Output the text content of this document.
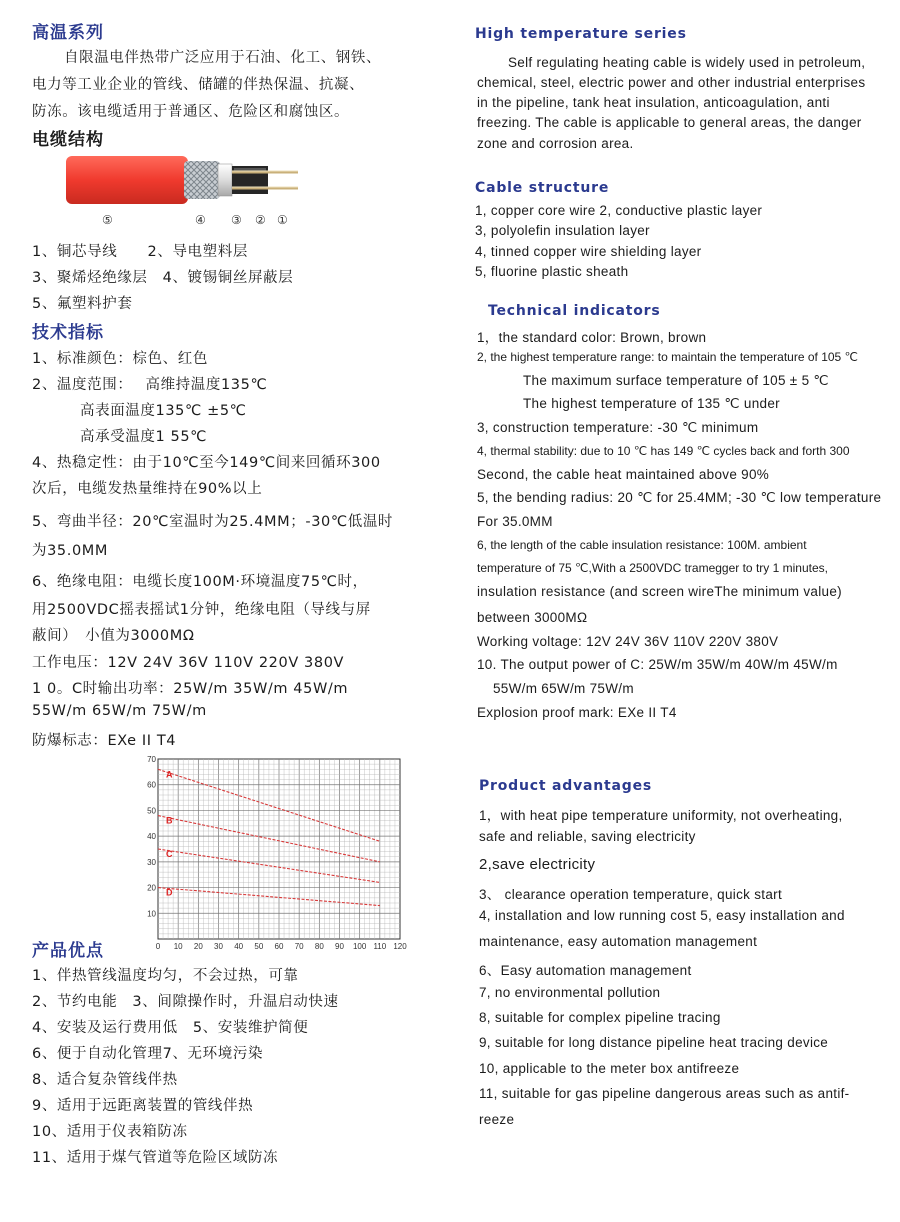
高温系列
自限温电伴热带广泛应用于石油、化工、钢铁、
电力等工业企业的管线、储罐的伴热保温、抗凝、
防冻。该电缆适用于普通区、危险区和腐蚀区。
电缆结构
⑤	④ ③ ② ①
1、铜芯导线　　2、导电塑料层
3、聚烯烃绝缘层　4、镀锡铜丝屏蔽层
5、氟塑料护套
技术指标
1、标准颜色：棕色、红色
2、温度范围：　 高维持温度135℃
高表面温度135℃ ±5℃
高承受温度1 55℃
4、热稳定性：由于10℃至今149℃间来回循环300
次后，电缆发热量维持在90%以上
5、弯曲半径：20℃室温时为25.4MM；-30℃低温时
为35.0MM
6、绝缘电阻：电缆长度100M·环境温度75℃时，
用2500VDC摇表摇试1分钟，绝缘电阻（导线与屏
蔽间）　小值为3000MΩ
工作电压：12V 24V 36V 110V 220V 380V
1 0。C时输出功率：25W/m 35W/m 45W/m
55W/m 65W/m 75W/m
防爆标志：EXe II T4
0 10 20 30 40 50 60 70 80 90 100 110 120
10
20
30
40
50
60
70
A
B
C
D
产品优点
1、伴热管线温度均匀，不会过热，可靠
2、节约电能　3、间隙操作时，升温启动快速
4、安装及运行费用低　5、安装维护简便
6、便于自动化管理7、无环境污染
8、适合复杂管线伴热
9、适用于远距离装置的管线伴热
10、适用于仪表箱防冻
11、适用于煤气管道等危险区域防冻
High temperature series
Self regulating heating cable is widely used in petroleum,
chemical, steel, electric power and other industrial enterprises
in the pipeline, tank heat insulation, anticoagulation, anti
freezing. The cable is applicable to general areas, the danger
zone and corrosion area.
Cable structure
1, copper core wire 2, conductive plastic layer
3, polyolefin insulation layer
4, tinned copper wire shielding layer
5, fluorine plastic sheath
Technical indicators
1，the standard color: Brown, brown
2, the highest temperature range: to maintain the temperature of 105 ℃
The maximum surface temperature of 105 ± 5 ℃
The highest temperature of 135 ℃ under
3, construction temperature: -30 ℃ minimum
4, thermal stability: due to 10 ℃ has 149 ℃ cycles back and forth 300
Second, the cable heat maintained above 90%
5, the bending radius: 20 ℃ for 25.4MM; -30 ℃ low temperature
For 35.0MM
6, the length of the cable insulation resistance: 100M. ambient
temperature of 75 ℃,With a 2500VDC tramegger to try 1 minutes,
insulation resistance (and screen wireThe minimum value)
between 3000MΩ
Working voltage: 12V 24V 36V 110V 220V 380V
10. The output power of C: 25W/m 35W/m 40W/m 45W/m
55W/m 65W/m 75W/m
Explosion proof mark: EXe II T4
Product advantages
1，with heat pipe temperature uniformity, not overheating,
safe and reliable, saving electricity
2,save electricity
3、 clearance operation temperature, quick start
4, installation and low running cost 5, easy installation and
maintenance, easy automation management
6、Easy automation management
7, no environmental pollution
8, suitable for complex pipeline tracing
9, suitable for long distance pipeline heat tracing device
10, applicable to the meter box antifreeze
11, suitable for gas pipeline dangerous areas such as antif-
reeze
